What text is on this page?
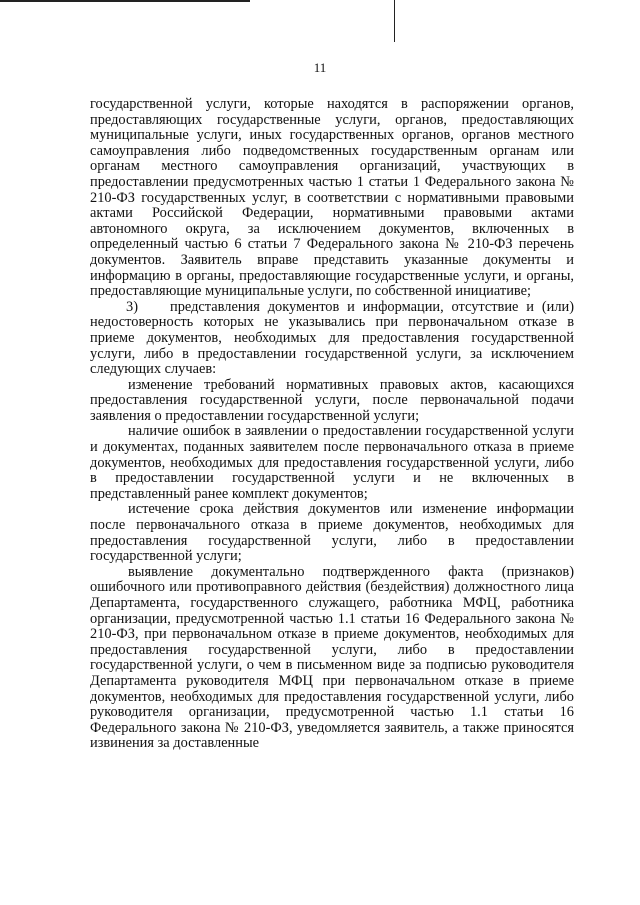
11

государственной услуги, которые находятся в распоряжении органов, предоставляющих государственные услуги, органов, предоставляющих муниципальные услуги, иных государственных органов, органов местного самоуправления либо подведомственных государственным органам или органам местного самоуправления организаций, участвующих в предоставлении предусмотренных частью 1 статьи 1 Федерального закона № 210-ФЗ государственных услуг, в соответствии с нормативными правовыми актами Российской Федерации, нормативными правовыми актами автономного округа, за исключением документов, включенных в определенный частью 6 статьи 7 Федерального закона № 210-ФЗ перечень документов. Заявитель вправе представить указанные документы и информацию в органы, предоставляющие государственные услуги, и органы, предоставляющие муниципальные услуги, по собственной инициативе;

3) представления документов и информации, отсутствие и (или) недостоверность которых не указывались при первоначальном отказе в приеме документов, необходимых для предоставления государственной услуги, либо в предоставлении государственной услуги, за исключением следующих случаев:

изменение требований нормативных правовых актов, касающихся предоставления государственной услуги, после первоначальной подачи заявления о предоставлении государственной услуги;

наличие ошибок в заявлении о предоставлении государственной услуги и документах, поданных заявителем после первоначального отказа в приеме документов, необходимых для предоставления государственной услуги, либо в предоставлении государственной услуги и не включенных в представленный ранее комплект документов;

истечение срока действия документов или изменение информации после первоначального отказа в приеме документов, необходимых для предоставления государственной услуги, либо в предоставлении государственной услуги;

выявление документально подтвержденного факта (признаков) ошибочного или противоправного действия (бездействия) должностного лица Департамента, государственного служащего, работника МФЦ, работника организации, предусмотренной частью 1.1 статьи 16 Федерального закона № 210-ФЗ, при первоначальном отказе в приеме документов, необходимых для предоставления государственной услуги, либо в предоставлении государственной услуги, о чем в письменном виде за подписью руководителя Департамента руководителя МФЦ при первоначальном отказе в приеме документов, необходимых для предоставления государственной услуги, либо руководителя организации, предусмотренной частью 1.1 статьи 16 Федерального закона № 210-ФЗ, уведомляется заявитель, а также приносятся извинения за доставленные
